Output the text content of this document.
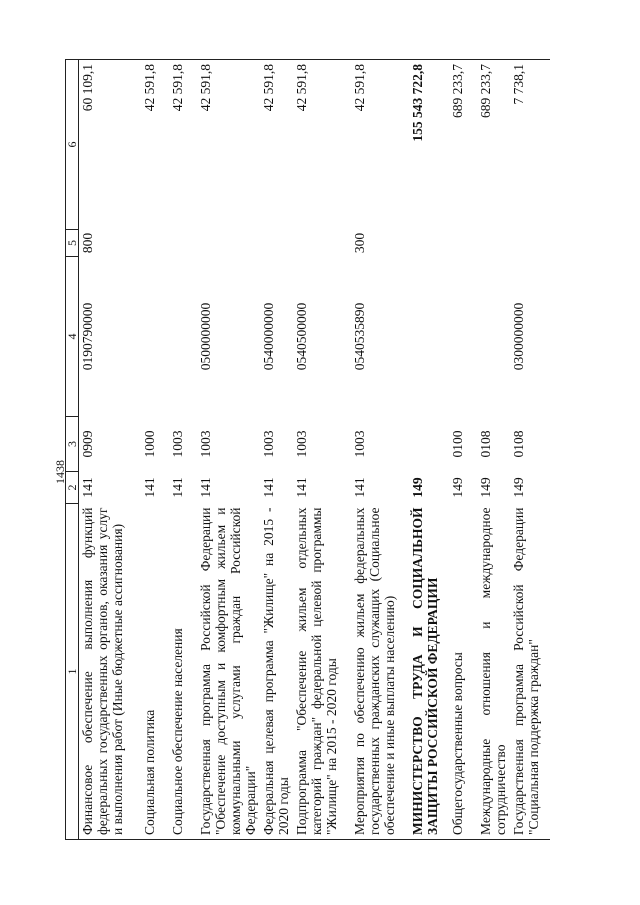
1438
1	2	3	4	5	6
Финансовое обеспечение выполнения функций федеральных государственных органов, оказания услуг и выполнения работ (Иные бюджетные ассигнования)	141	0909	0190790000	800	60 109,1
Социальная политика	141	1000			42 591,8
Социальное обеспечение населения	141	1003			42 591,8
Государственная программа Российской Федерации "Обеспечение доступным и комфортным жильем и коммунальными услугами граждан Российской Федерации"	141	1003	0500000000		42 591,8
Федеральная целевая программа "Жилище" на 2015 - 2020 годы	141	1003	0540000000		42 591,8
Подпрограмма "Обеспечение жильем отдельных категорий граждан" федеральной целевой программы "Жилище" на 2015 - 2020 годы	141	1003	0540500000		42 591,8
Мероприятия по обеспечению жильем федеральных государственных гражданских служащих (Социальное обеспечение и иные выплаты населению)	141	1003	0540535890	300	42 591,8
МИНИСТЕРСТВО ТРУДА И СОЦИАЛЬНОЙ ЗАЩИТЫ РОССИЙСКОЙ ФЕДЕРАЦИИ	149				155 543 722,8
Общегосударственные вопросы	149	0100			689 233,7
Международные отношения и международное сотрудничество	149	0108			689 233,7
Государственная программа Российской Федерации "Социальная поддержка граждан"	149	0108	0300000000		7 738,1
